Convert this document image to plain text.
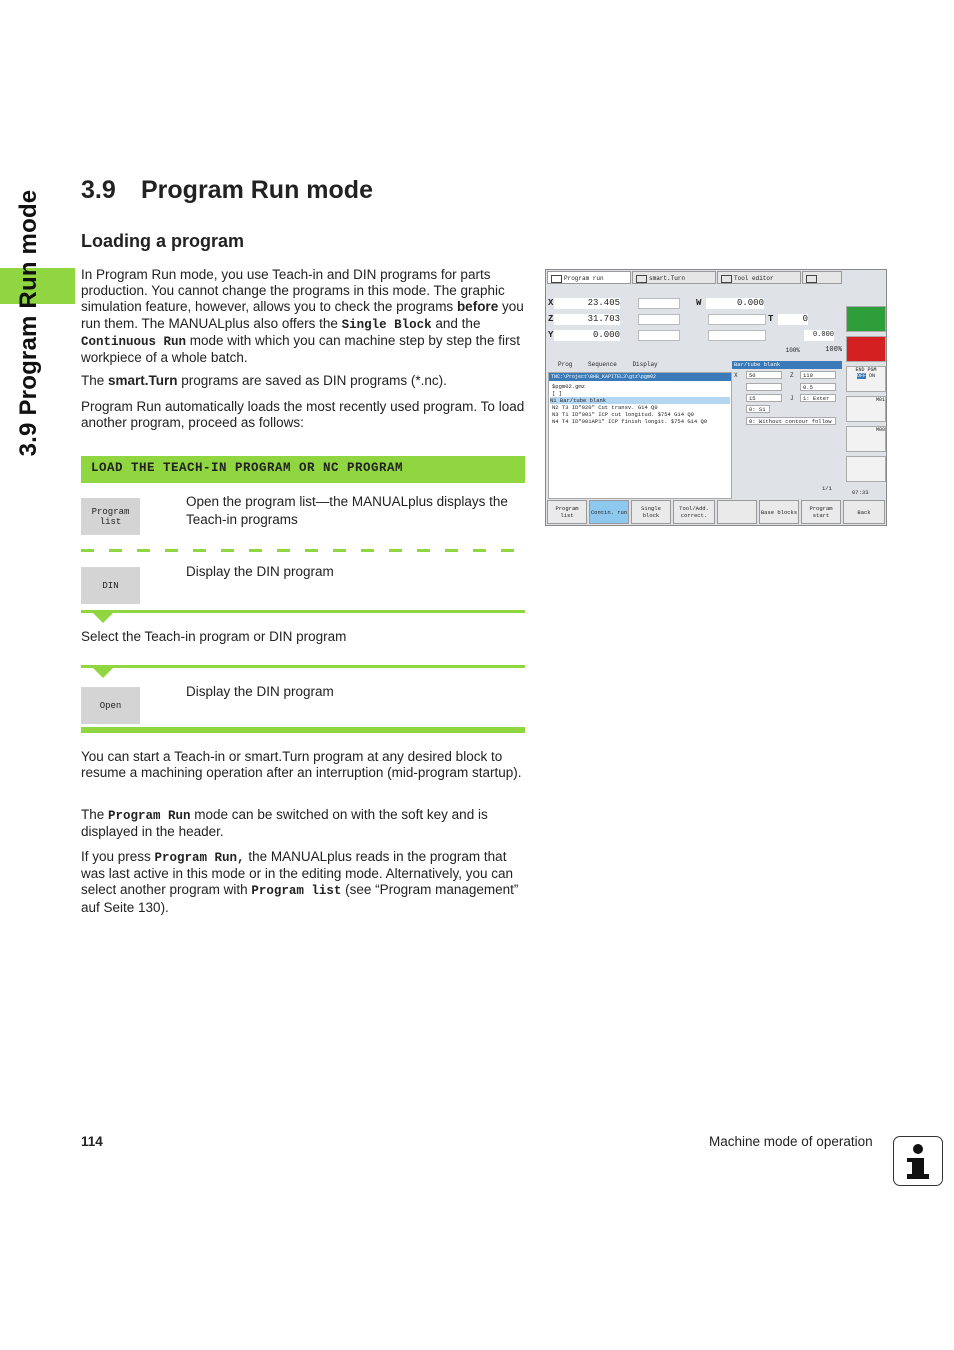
3.9 Program Run mode 3.9 Program Run mode
Loading a program

In Program Run mode, you use Teach-in and DIN programs for parts production. You cannot change the programs in this mode. The graphic simulation feature, however, allows you to check the programs before you run them. The MANUALplus also offers the Single Block and the Continuous Run mode with which you can machine step by step the first workpiece of a whole batch.

The smart.Turn programs are saved as DIN programs (*.nc).

Program Run automatically loads the most recently used program. To load another program, proceed as follows:

LOAD THE TEACH-IN PROGRAM OR NC PROGRAM
Program list
Open the program list—the MANUALplus displays the Teach-in programs
DIN
Display the DIN program
Select the Teach-in program or DIN program
Open
Display the DIN program

You can start a Teach-in or smart.Turn program at any desired block to resume a machining operation after an interruption (mid-program startup).

The Program Run mode can be switched on with the soft key and is displayed in the header.

If you press Program Run, the MANUALplus reads in the program that was last active in this mode or in the editing mode. Alternatively, you can select another program with Program list (see “Program management” auf Seite 130).

Program run	smart.Turn	Tool editor
X	23.405
Z	31.703
Y	0.000
W	0.000
T	0
0.000
100%	100%
Prog	Sequence	Display
TNC:\Project\BHB_KAPITEL3\gtz\pgm02
$pgm02.gmz
[ ]
N1 Bar/tube blank
N2 T3 ID"020" Cut transv. G14 Q0
N3 T1 ID"001" ICP cut longitud. $754 G14 Q0
N4 T4 ID"001AP1" ICP finish longit. $754 G14 Q0
Bar/tube blank
X	50	Z	110
0.5
15	J	1: Exter
0: S1
0: Without contour follow
1/1
END PGM
OFF ON
M01
M00
07:33
Program list	Contin. run	Single block
Tool/Add. correct.	Base blocks	Program start	Back
114	Machine mode of operation
